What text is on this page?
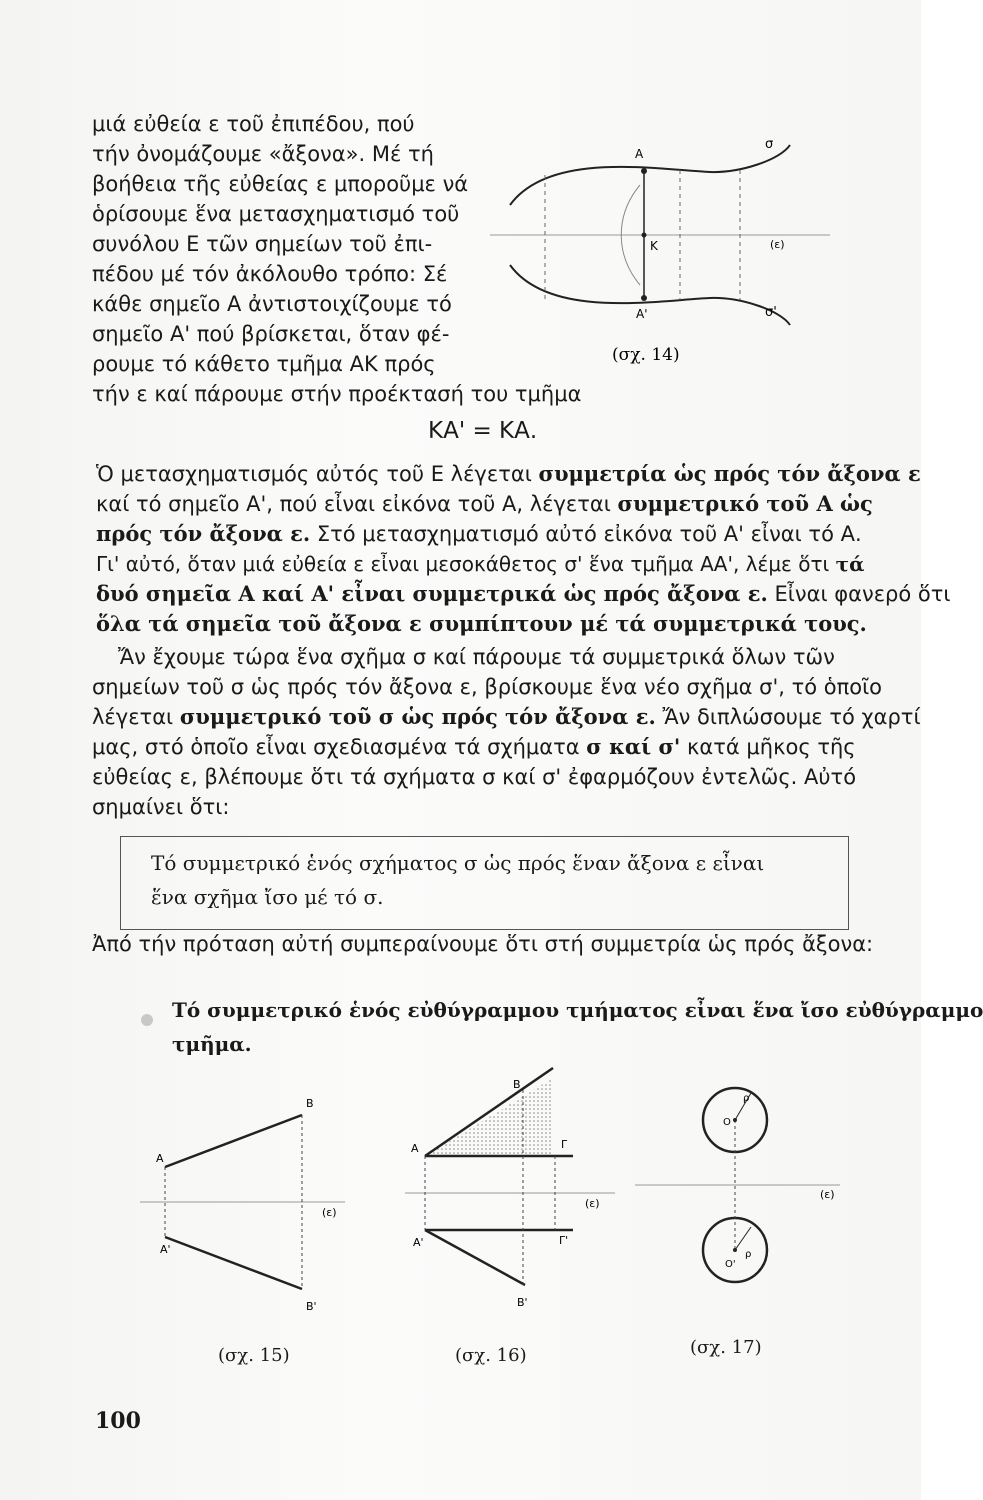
μιά εὐθεία ε τοῦ ἐπιπέδου, πού
τήν ὀνομάζουμε «ἄξονα». Μέ τή
βοήθεια τῆς εὐθείας ε μποροῦμε νά
ὁρίσουμε ἕνα μετασχηματισμό τοῦ
συνόλου Ε τῶν σημείων τοῦ ἐπι-
πέδου μέ τόν ἀκόλουθο τρόπο: Σέ
κάθε σημεῖο Α ἀντιστοιχίζουμε τό
σημεῖο Α' πού βρίσκεται, ὅταν φέ-
ρουμε τό κάθετο τμῆμα ΑΚ πρός
τήν ε καί πάρουμε στήν προέκτασή του τμῆμα
ΚΑ' = ΚΑ.
Α
Α'
Κ
σ
σ'
(ε)
(σχ. 14)
Ὁ μετασχηματισμός αὐτός τοῦ Ε λέγεται συμμετρία ὡς πρός τόν ἄξονα ε
καί τό σημεῖο Α', πού εἶναι εἰκόνα τοῦ Α, λέγεται συμμετρικό τοῦ Α ὡς
πρός τόν ἄξονα ε. Στό μετασχηματισμό αὐτό εἰκόνα τοῦ Α' εἶναι τό Α.
Γι' αὐτό, ὅταν μιά εὐθεία ε εἶναι μεσοκάθετος σ' ἕνα τμῆμα ΑΑ', λέμε ὅτι τά
δυό σημεῖα Α καί Α' εἶναι συμμετρικά ὡς πρός ἄξονα ε. Εἶναι φανερό ὅτι
ὅλα τά σημεῖα τοῦ ἄξονα ε συμπίπτουν μέ τά συμμετρικά τους.
Ἄν ἔχουμε τώρα ἕνα σχῆμα σ καί πάρουμε τά συμμετρικά ὅλων τῶν
σημείων τοῦ σ ὡς πρός τόν ἄξονα ε, βρίσκουμε ἕνα νέο σχῆμα σ', τό ὁποῖο
λέγεται συμμετρικό τοῦ σ ὡς πρός τόν ἄξονα ε. Ἄν διπλώσουμε τό χαρτί
μας, στό ὁποῖο εἶναι σχεδιασμένα τά σχήματα σ καί σ' κατά μῆκος τῆς
εὐθείας ε, βλέπουμε ὅτι τά σχήματα σ καί σ' ἐφαρμόζουν ἐντελῶς. Αὐτό
σημαίνει ὅτι:
Τό συμμετρικό ἑνός σχήματος σ ὡς πρός ἕναν ἄξονα ε εἶναι
ἕνα σχῆμα ἴσο μέ τό σ.
Ἀπό τήν πρόταση αὐτή συμπεραίνουμε ὅτι στή συμμετρία ὡς πρός ἄξονα:
Τό συμμετρικό ἑνός εὐθύγραμμου τμήματος εἶναι ἕνα ἴσο εὐθύγραμμο
τμῆμα.
Α
Α'
Β
Β'
(ε)
(σχ. 15)
Β
Α	Γ
(ε)
Α'	Γ'
Β'
(σχ. 16)
Ο
ρ
(ε)
Ο'
ρ
(σχ. 17)
100
